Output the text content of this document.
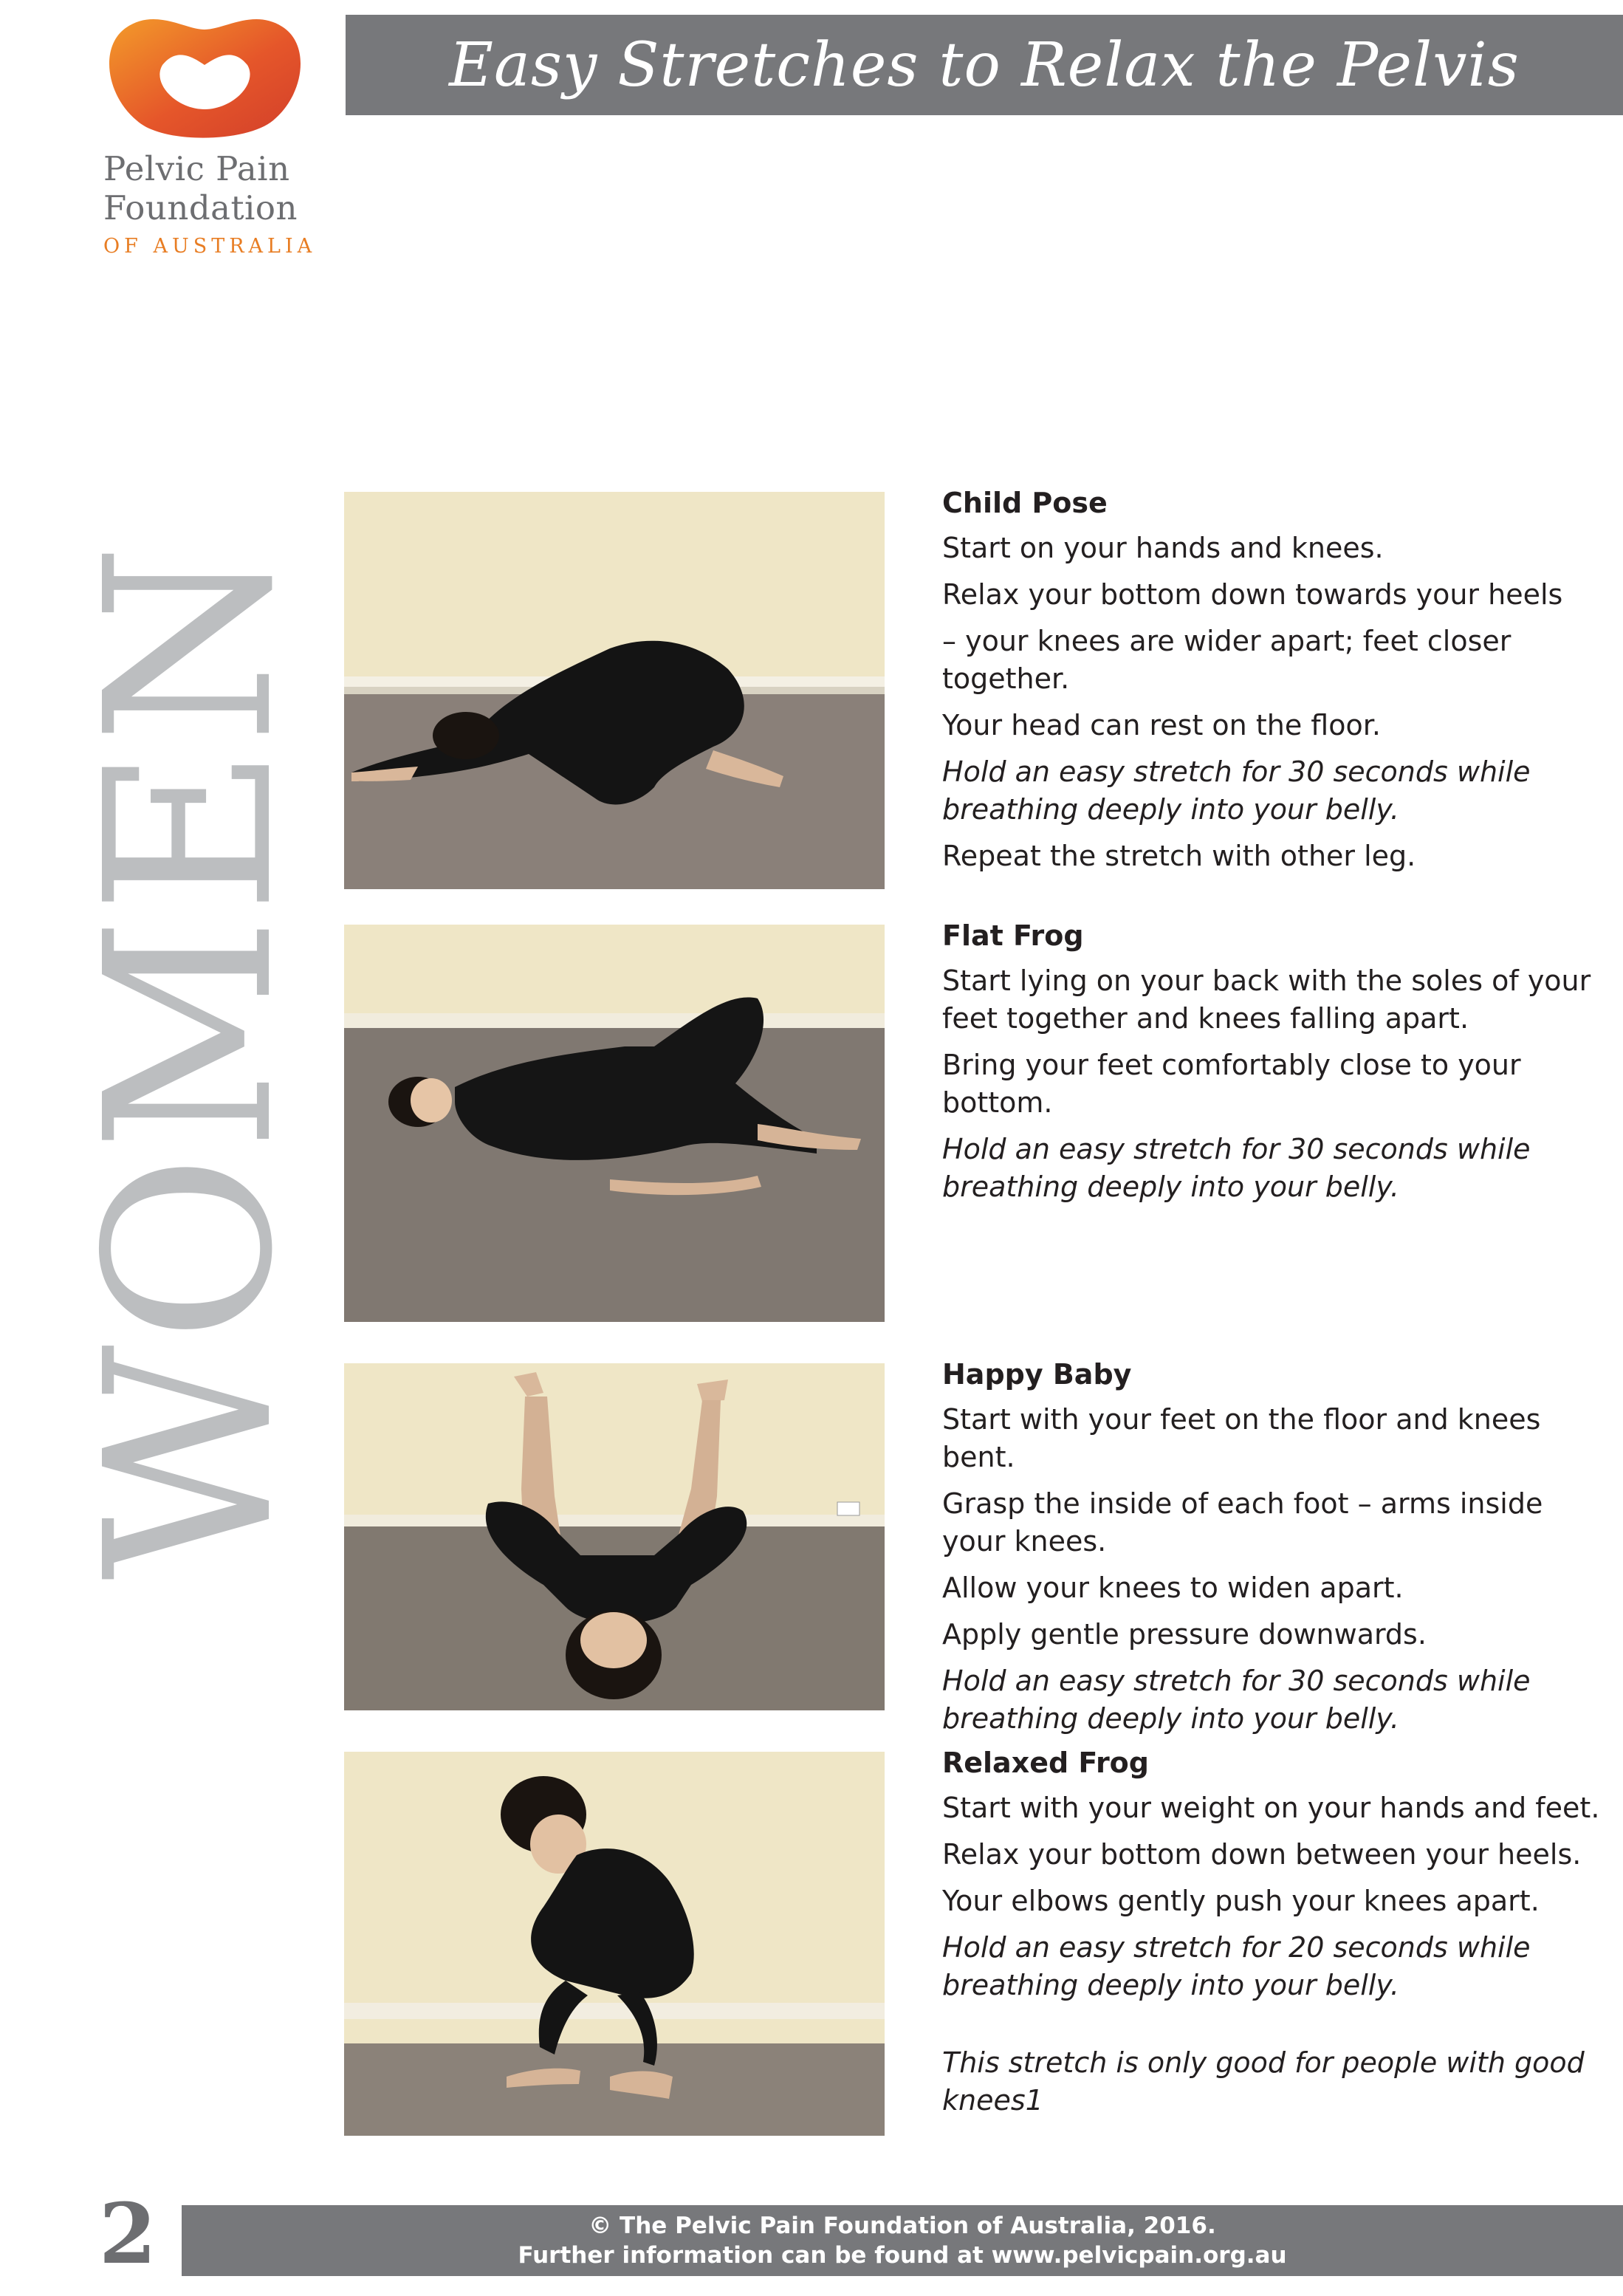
Pelvic Pain
Foundation
OF AUSTRALIA
Easy Stretches to Relax the Pelvis
WOMEN
Child Pose
Start on your hands and knees.
Relax your bottom down towards your heels
– your knees are wider apart; feet closer together.
Your head can rest on the floor.
Hold an easy stretch for 30 seconds while breathing deeply into your belly.
Repeat the stretch with other leg.
Flat Frog
Start lying on your back with the soles of your feet together and knees falling apart.
Bring your feet comfortably close to your bottom.
Hold an easy stretch for 30 seconds while breathing deeply into your belly.
Happy Baby
Start with your feet on the floor and knees bent.
Grasp the inside of each foot – arms inside your knees.
Allow your knees to widen apart.
Apply gentle pressure downwards.
Hold an easy stretch for 30 seconds while breathing deeply into your belly.
Relaxed Frog
Start with your weight on your hands and feet.
Relax your bottom down between your heels.
Your elbows gently push your knees apart.
Hold an easy stretch for 20 seconds while breathing deeply into your belly.
This stretch is only good for people with good knees1
2	© The Pelvic Pain Foundation of Australia, 2016.
Further information can be found at www.pelvicpain.org.au
